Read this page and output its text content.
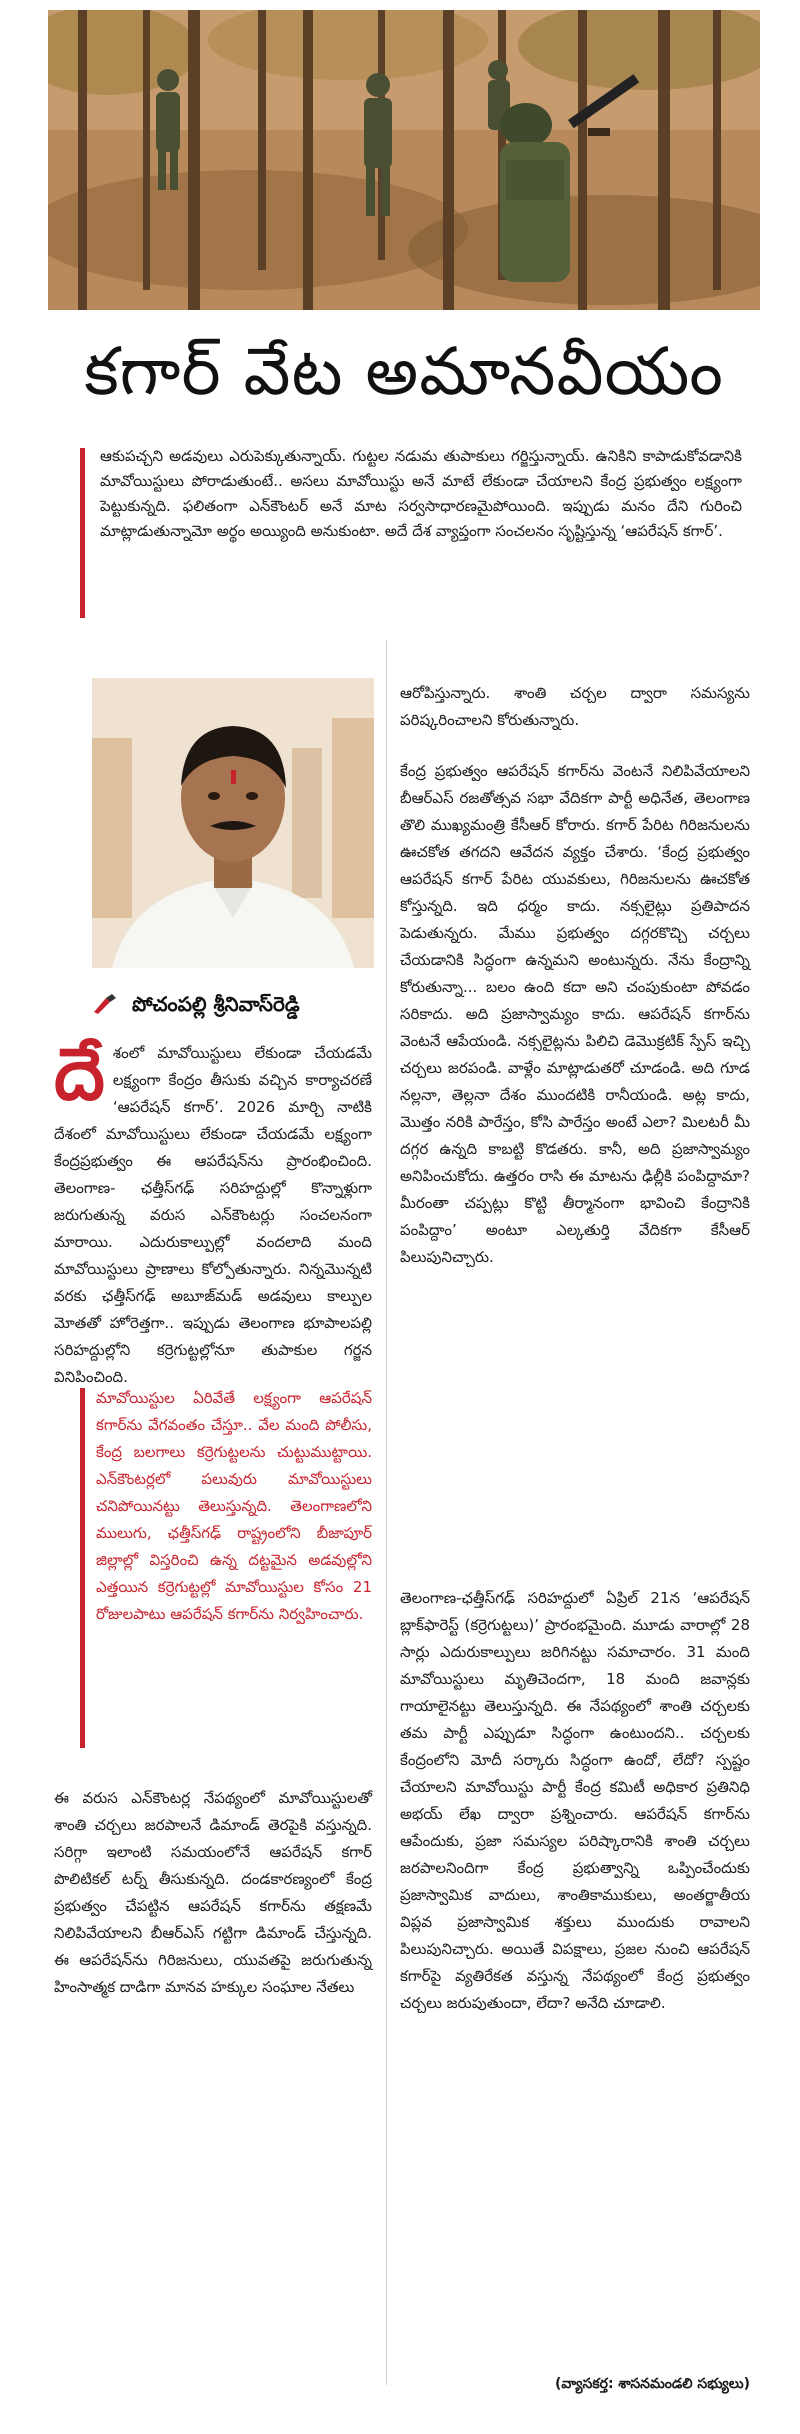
కగార్ వేట అమానవీయం

ఆకుపచ్చని అడవులు ఎరుపెక్కుతున్నాయ్. గుట్టల నడుమ తుపాకులు గర్జిస్తున్నాయ్. ఉనికిని కాపాడుకోవడానికి మావోయిస్టులు పోరాడుతుంటే.. అసలు మావోయిస్టు అనే మాటే లేకుండా చేయాలని కేంద్ర ప్రభుత్వం లక్ష్యంగా పెట్టుకున్నది. ఫలితంగా ఎన్‌కౌంటర్ అనే మాట సర్వసాధారణమైపోయింది. ఇప్పుడు మనం దేని గురించి మాట్లాడుతున్నామో అర్థం అయ్యింది అనుకుంటా. అదే దేశ వ్యాప్తంగా సంచలనం సృష్టిస్తున్న ‘ఆపరేషన్ కగార్’.

పోచంపల్లి శ్రీనివాస్‌రెడ్డి
దేశంలో మావోయిస్టులు లేకుండా చేయడమే లక్ష్యంగా కేంద్రం తీసుకు వచ్చిన కార్యాచరణే ‘ఆపరేషన్ కగార్’. 2026 మార్చి నాటికి దేశంలో మావోయిస్టులు లేకుండా చేయడమే లక్ష్యంగా కేంద్రప్రభుత్వం ఈ ఆపరేషన్‌ను ప్రారంభించింది. తెలంగాణ- ఛత్తీస్‌గఢ్ సరిహద్దుల్లో కొన్నాళ్లుగా జరుగుతున్న వరుస ఎన్‌కౌంటర్లు సంచలనంగా మారాయి. ఎదురుకాల్పుల్లో వందలాది మంది మావోయిస్టులు ప్రాణాలు కోల్పోతున్నారు. నిన్నమొన్నటి వరకు ఛత్తీస్‌గఢ్ అబూజ్‌మడ్ అడవులు కాల్పుల మోతతో హోరెత్తగా.. ఇప్పుడు తెలంగాణ భూపాలపల్లి సరిహద్దుల్లోని కర్రెగుట్టల్లోనూ తుపాకుల గర్జన వినిపించింది.

మావోయిస్టుల ఏరివేతే లక్ష్యంగా ఆపరేషన్ కగార్‌ను వేగవంతం చేస్తూ.. వేల మంది పోలీసు, కేంద్ర బలగాలు కర్రెగుట్టలను చుట్టుముట్టాయి. ఎన్‌కౌంటర్లలో పలువురు మావోయిస్టులు చనిపోయినట్టు తెలుస్తున్నది. తెలంగాణలోని ములుగు, ఛత్తీస్‌గఢ్ రాష్ట్రంలోని బీజాపూర్ జిల్లాల్లో విస్తరించి ఉన్న దట్టమైన అడవుల్లోని ఎత్తయిన కర్రెగుట్టల్లో మావోయిస్టుల కోసం 21 రోజులపాటు ఆపరేషన్ కగార్‌ను నిర్వహించారు.

ఈ వరుస ఎన్‌కౌంటర్ల నేపథ్యంలో మావోయిస్టులతో శాంతి చర్చలు జరపాలనే డిమాండ్ తెరపైకి వస్తున్నది. సరిగ్గా ఇలాంటి సమయంలోనే ఆపరేషన్ కగార్ పొలిటికల్ టర్న్ తీసుకున్నది. దండకారణ్యంలో కేంద్ర ప్రభుత్వం చేపట్టిన ఆపరేషన్ కగార్‌ను తక్షణమే నిలిపివేయాలని బీఆర్‌ఎస్ గట్టిగా డిమాండ్ చేస్తున్నది. ఈ ఆపరేషన్‌ను గిరిజనులు, యువతపై జరుగుతున్న హింసాత్మక దాడిగా మానవ హక్కుల సంఘాల నేతలు

ఆరోపిస్తున్నారు. శాంతి చర్చల ద్వారా సమస్యను పరిష్కరించాలని కోరుతున్నారు.

కేంద్ర ప్రభుత్వం ఆపరేషన్ కగార్‌ను వెంటనే నిలిపివేయాలని బీఆర్‌ఎస్ రజతోత్సవ సభా వేదికగా పార్టీ అధినేత, తెలంగాణ తొలి ముఖ్యమంత్రి కేసీఆర్ కోరారు. కగార్ పేరిట గిరిజనులను ఊచకోత తగదని ఆవేదన వ్యక్తం చేశారు. ‘కేంద్ర ప్రభుత్వం ఆపరేషన్ కగార్ పేరిట యువకులు, గిరిజనులను ఊచకోత కోస్తున్నది. ఇది ధర్మం కాదు. నక్సలైట్లు ప్రతిపాదన పెడుతున్నరు. మేము ప్రభుత్వం దగ్గరకొచ్చి చర్చలు చేయడానికి సిద్ధంగా ఉన్నమని అంటున్నరు. నేను కేంద్రాన్ని కోరుతున్నా... బలం ఉంది కదా అని చంపుకుంటా పోవడం సరికాదు. అది ప్రజాస్వామ్యం కాదు. ఆపరేషన్ కగార్‌ను వెంటనే ఆపేయండి. నక్సలైట్లను పిలిచి డెమొక్రటిక్ స్పేస్ ఇచ్చి చర్చలు జరపండి. వాళ్లేం మాట్లాడుతరో చూడండి. అది గూడ నల్లనా, తెల్లనా దేశం ముందటికి రానీయండి. అట్ల కాదు, మొత్తం నరికి పారేస్తం, కోసి పారేస్తం అంటే ఎలా? మిలటరీ మీ దగ్గర ఉన్నది కాబట్టి కొడతరు. కానీ, అది ప్రజాస్వామ్యం అనిపించుకోదు. ఉత్తరం రాసి ఈ మాటను ఢిల్లీకి పంపిద్దామా? మీరంతా చప్పట్లు కొట్టి తీర్మానంగా భావించి కేంద్రానికి పంపిద్దాం’ అంటూ ఎల్కతుర్తి వేదికగా కేసీఆర్ పిలుపునిచ్చారు.

తెలంగాణ-ఛత్తీస్‌గఢ్ సరిహద్దులో ఏప్రిల్ 21న ‘ఆపరేషన్ బ్లాక్‌ఫారెస్ట్ (కర్రెగుట్టలు)’ ప్రారంభమైంది. మూడు వారాల్లో 28 సార్లు ఎదురుకాల్పులు జరిగినట్టు సమాచారం. 31 మంది మావోయిస్టులు మృతిచెందగా, 18 మంది జవాన్లకు గాయాలైనట్టు తెలుస్తున్నది. ఈ నేపథ్యంలో శాంతి చర్చలకు తమ పార్టీ ఎప్పుడూ సిద్ధంగా ఉంటుందని.. చర్చలకు కేంద్రంలోని మోదీ సర్కారు సిద్ధంగా ఉందో, లేదో? స్పష్టం చేయాలని మావోయిస్టు పార్టీ కేంద్ర కమిటీ అధికార ప్రతినిధి అభయ్ లేఖ ద్వారా ప్రశ్నించారు. ఆపరేషన్ కగార్‌ను ఆపేందుకు, ప్రజా సమస్యల పరిష్కారానికి శాంతి చర్చలు జరపాలనిందిగా కేంద్ర ప్రభుత్వాన్ని ఒప్పించేందుకు ప్రజాస్వామిక వాదులు, శాంతికాముకులు, అంతర్జాతీయ విప్లవ ప్రజాస్వామిక శక్తులు ముందుకు రావాలని పిలుపునిచ్చారు. అయితే విపక్షాలు, ప్రజల నుంచి ఆపరేషన్ కగార్‌పై వ్యతిరేకత వస్తున్న నేపథ్యంలో కేంద్ర ప్రభుత్వం చర్చలు జరుపుతుందా, లేదా? అనేది చూడాలి.

(వ్యాసకర్త: శాసనమండలి సభ్యులు)
